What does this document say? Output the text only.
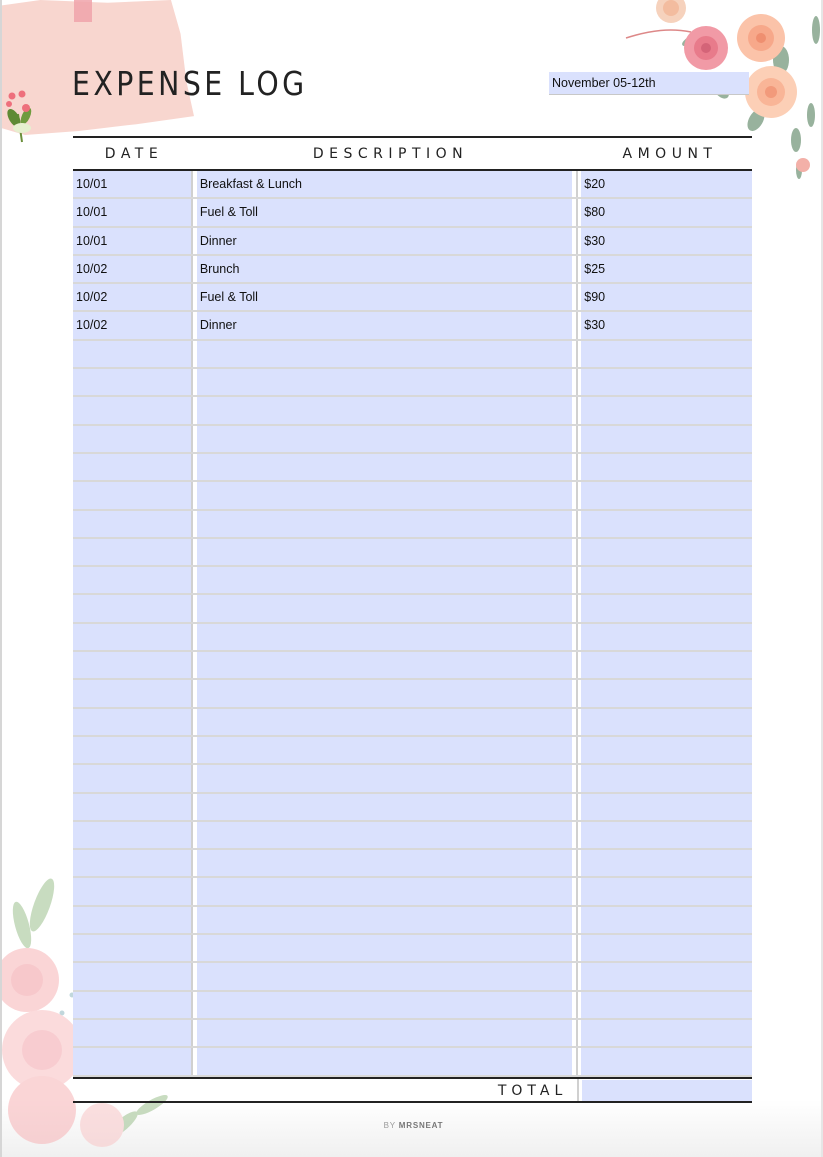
EXPENSE LOG	November 05-12th
DATE	DESCRIPTION	AMOUNT
10/01	Breakfast & Lunch	$20
10/01	Fuel & Toll	$80
10/01	Dinner	$30
10/02	Brunch	$25
10/02	Fuel & Toll	$90
10/02	Dinner	$30
TOTAL
BY MRSNEAT
